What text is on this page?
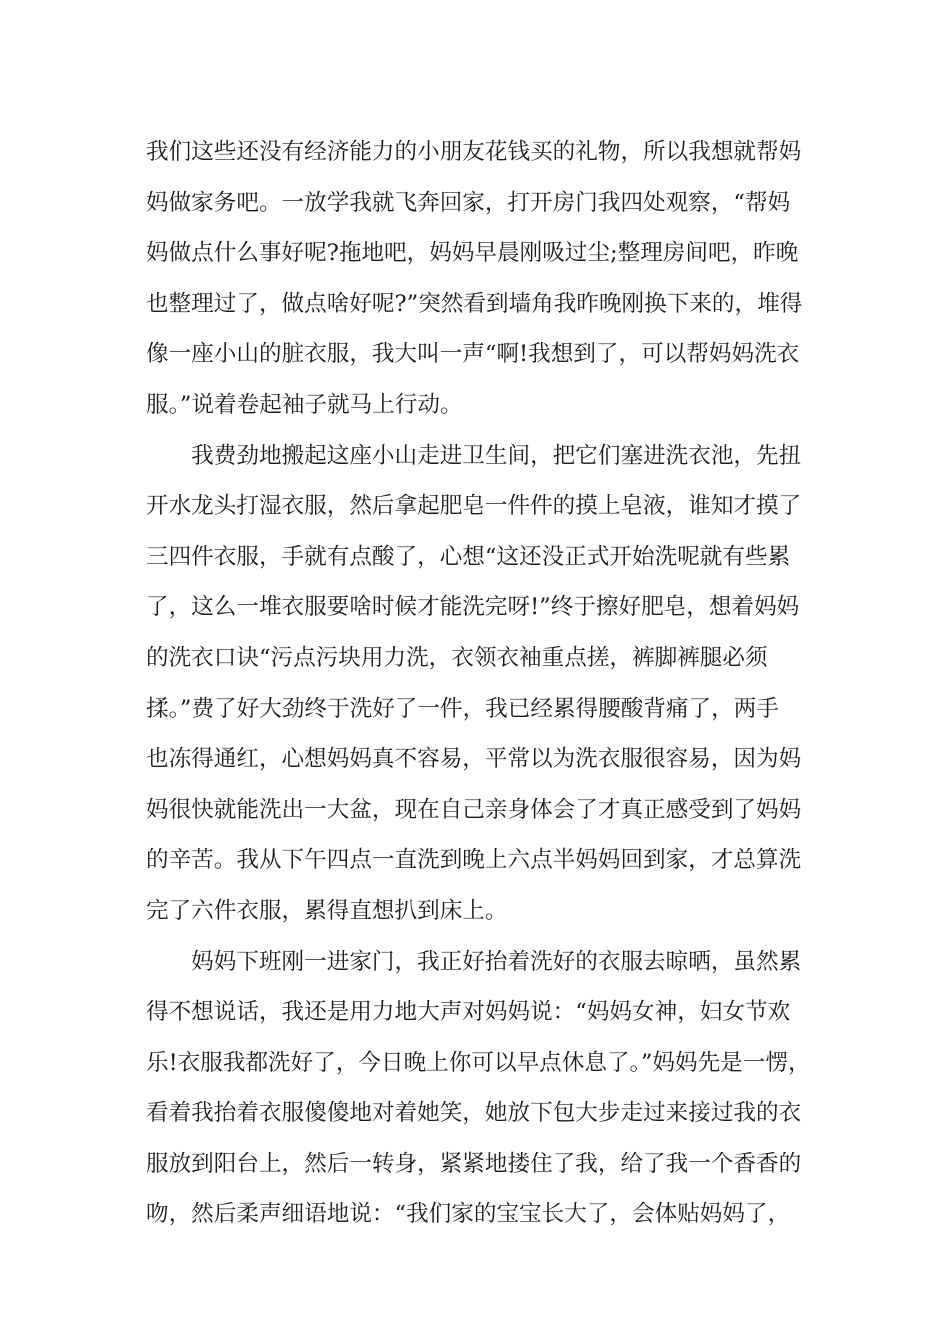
我们这些还没有经济能力的小朋友花钱买的礼物，所以我想就帮妈
妈做家务吧。一放学我就飞奔回家，打开房门我四处观察，“帮妈
妈做点什么事好呢?拖地吧，妈妈早晨刚吸过尘;整理房间吧，昨晚
也整理过了，做点啥好呢?”突然看到墙角我昨晚刚换下来的，堆得
像一座小山的脏衣服，我大叫一声“啊!我想到了，可以帮妈妈洗衣
服。”说着卷起袖子就马上行动。
　　我费劲地搬起这座小山走进卫生间，把它们塞进洗衣池，先扭
开水龙头打湿衣服，然后拿起肥皂一件件的摸上皂液，谁知才摸了
三四件衣服，手就有点酸了，心想“这还没正式开始洗呢就有些累
了，这么一堆衣服要啥时候才能洗完呀!”终于擦好肥皂，想着妈妈
的洗衣口诀“污点污块用力洗，衣领衣袖重点搓，裤脚裤腿必须
揉。”费了好大劲终于洗好了一件，我已经累得腰酸背痛了，两手
也冻得通红，心想妈妈真不容易，平常以为洗衣服很容易，因为妈
妈很快就能洗出一大盆，现在自己亲身体会了才真正感受到了妈妈
的辛苦。我从下午四点一直洗到晚上六点半妈妈回到家，才总算洗
完了六件衣服，累得直想扒到床上。
　　妈妈下班刚一进家门，我正好抬着洗好的衣服去晾晒，虽然累
得不想说话，我还是用力地大声对妈妈说：“妈妈女神，妇女节欢
乐!衣服我都洗好了，今日晚上你可以早点休息了。”妈妈先是一愣，
看着我抬着衣服傻傻地对着她笑，她放下包大步走过来接过我的衣
服放到阳台上，然后一转身，紧紧地搂住了我，给了我一个香香的
吻，然后柔声细语地说：“我们家的宝宝长大了，会体贴妈妈了，
